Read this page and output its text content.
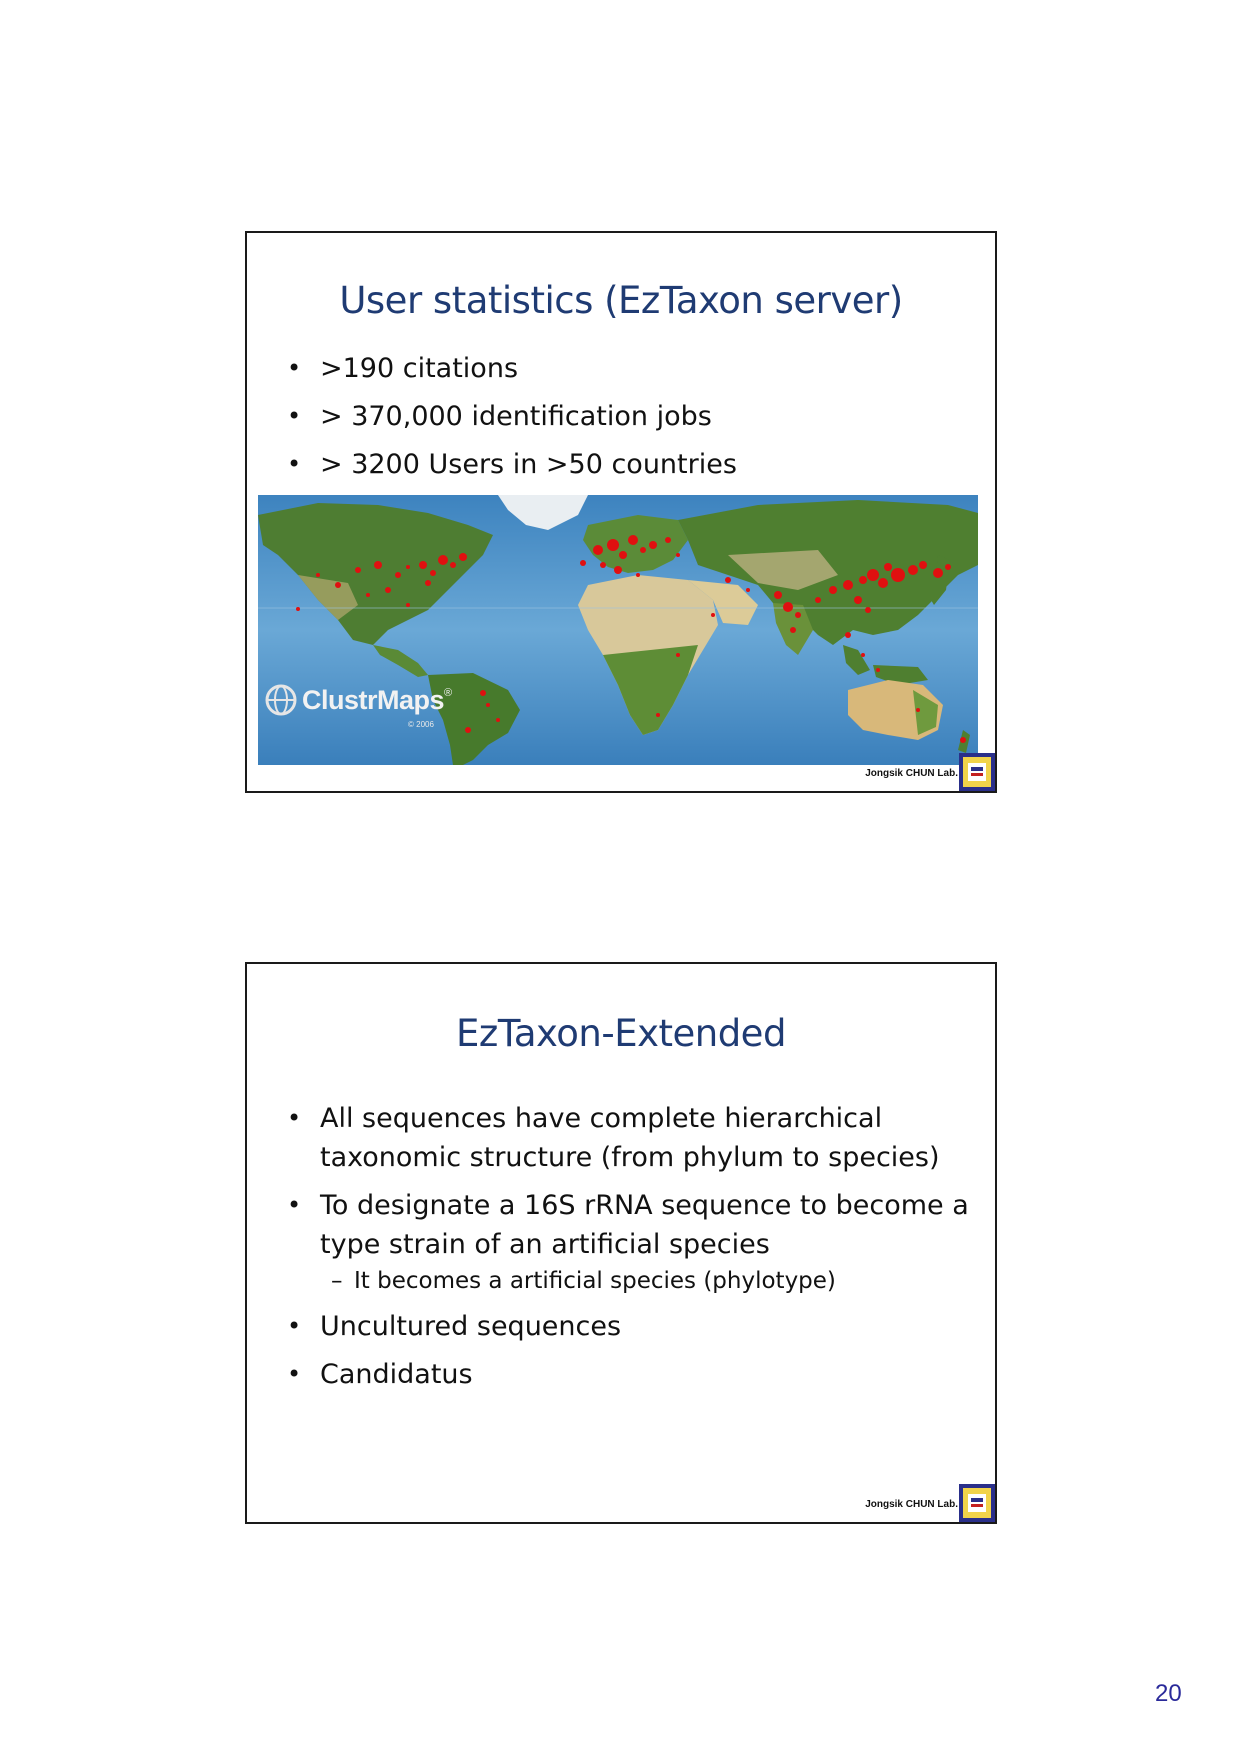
User statistics (EzTaxon server)
• >190 citations
• > 370,000 identification jobs
• > 3200 Users in >50 countries
ClustrMaps ®
© 2006
Jongsik CHUN Lab.
EzTaxon-Extended
• All sequences have complete hierarchical taxonomic structure (from phylum to species)
• To designate a 16S rRNA sequence to become a type strain of an artificial species
– It becomes a artificial species (phylotype)
• Uncultured sequences
• Candidatus
Jongsik CHUN Lab.
20
